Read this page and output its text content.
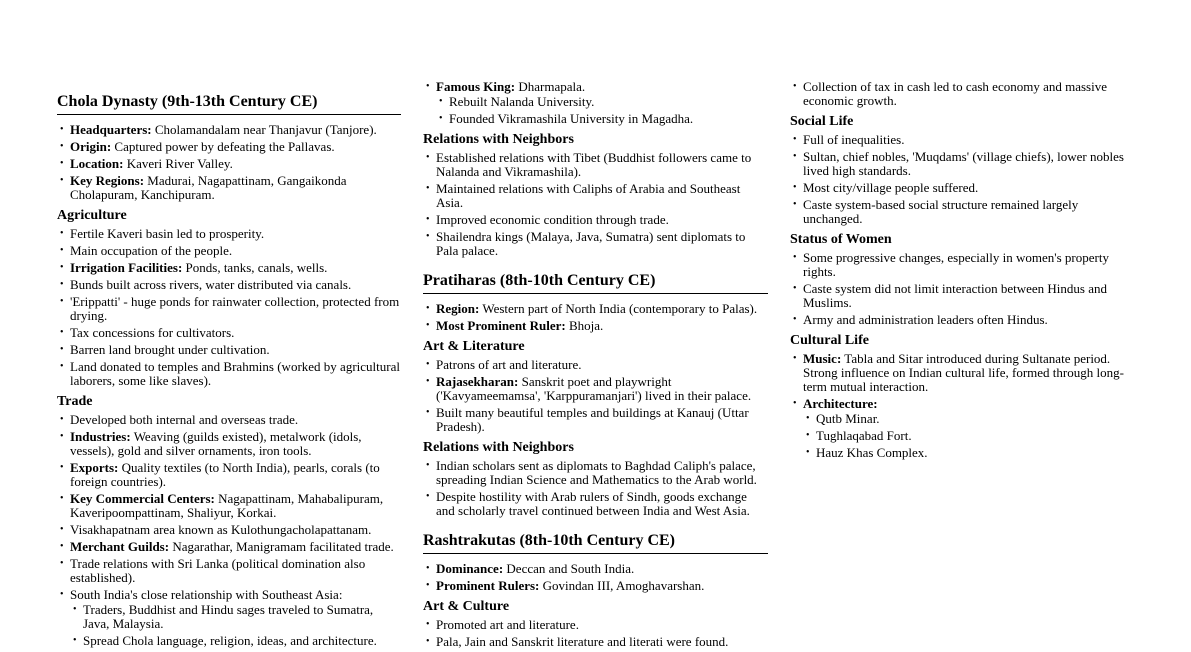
Chola Dynasty (9th-13th Century CE)
• Headquarters: Cholamandalam near Thanjavur (Tanjore).
• Origin: Captured power by defeating the Pallavas.
• Location: Kaveri River Valley.
• Key Regions: Madurai, Nagapattinam, Gangaikonda Cholapuram, Kanchipuram.
Agriculture
• Fertile Kaveri basin led to prosperity.
• Main occupation of the people.
• Irrigation Facilities: Ponds, tanks, canals, wells.
• Bunds built across rivers, water distributed via canals.
• 'Erippatti' - huge ponds for rainwater collection, protected from drying.
• Tax concessions for cultivators.
• Barren land brought under cultivation.
• Land donated to temples and Brahmins (worked by agricultural laborers, some like slaves).
Trade
• Developed both internal and overseas trade.
• Industries: Weaving (guilds existed), metalwork (idols, vessels), gold and silver ornaments, iron tools.
• Exports: Quality textiles (to North India), pearls, corals (to foreign countries).
• Key Commercial Centers: Nagapattinam, Mahabalipuram, Kaveripoompattinam, Shaliyur, Korkai.
• Visakhapatnam area known as Kulothungacholapattanam.
• Merchant Guilds: Nagarathar, Manigramam facilitated trade.
• Trade relations with Sri Lanka (political domination also established).
• South India's close relationship with Southeast Asia:
• Traders, Buddhist and Hindu sages traveled to Sumatra, Java, Malaysia.
• Spread Chola language, religion, ideas, and architecture.
• Famous King: Dharmapala.
• Rebuilt Nalanda University.
• Founded Vikramashila University in Magadha.
Relations with Neighbors
• Established relations with Tibet (Buddhist followers came to Nalanda and Vikramashila).
• Maintained relations with Caliphs of Arabia and Southeast Asia.
• Improved economic condition through trade.
• Shailendra kings (Malaya, Java, Sumatra) sent diplomats to Pala palace.
Pratiharas (8th-10th Century CE)
• Region: Western part of North India (contemporary to Palas).
• Most Prominent Ruler: Bhoja.
Art & Literature
• Patrons of art and literature.
• Rajasekharan: Sanskrit poet and playwright ('Kavyameemamsa', 'Karppuramanjari') lived in their palace.
• Built many beautiful temples and buildings at Kanauj (Uttar Pradesh).
Relations with Neighbors
• Indian scholars sent as diplomats to Baghdad Caliph's palace, spreading Indian Science and Mathematics to the Arab world.
• Despite hostility with Arab rulers of Sindh, goods exchange and scholarly travel continued between India and West Asia.
Rashtrakutas (8th-10th Century CE)
• Dominance: Deccan and South India.
• Prominent Rulers: Govindan III, Amoghavarshan.
Art & Culture
• Promoted art and literature.
• Pala, Jain and Sanskrit literature and literati were found.
• Collection of tax in cash led to cash economy and massive economic growth.
Social Life
• Full of inequalities.
• Sultan, chief nobles, 'Muqdams' (village chiefs), lower nobles lived high standards.
• Most city/village people suffered.
• Caste system-based social structure remained largely unchanged.
Status of Women
• Some progressive changes, especially in women's property rights.
• Caste system did not limit interaction between Hindus and Muslims.
• Army and administration leaders often Hindus.
Cultural Life
• Music: Tabla and Sitar introduced during Sultanate period. Strong influence on Indian cultural life, formed through long-term mutual interaction.
• Architecture:
• Qutb Minar.
• Tughlaqabad Fort.
• Hauz Khas Complex.
